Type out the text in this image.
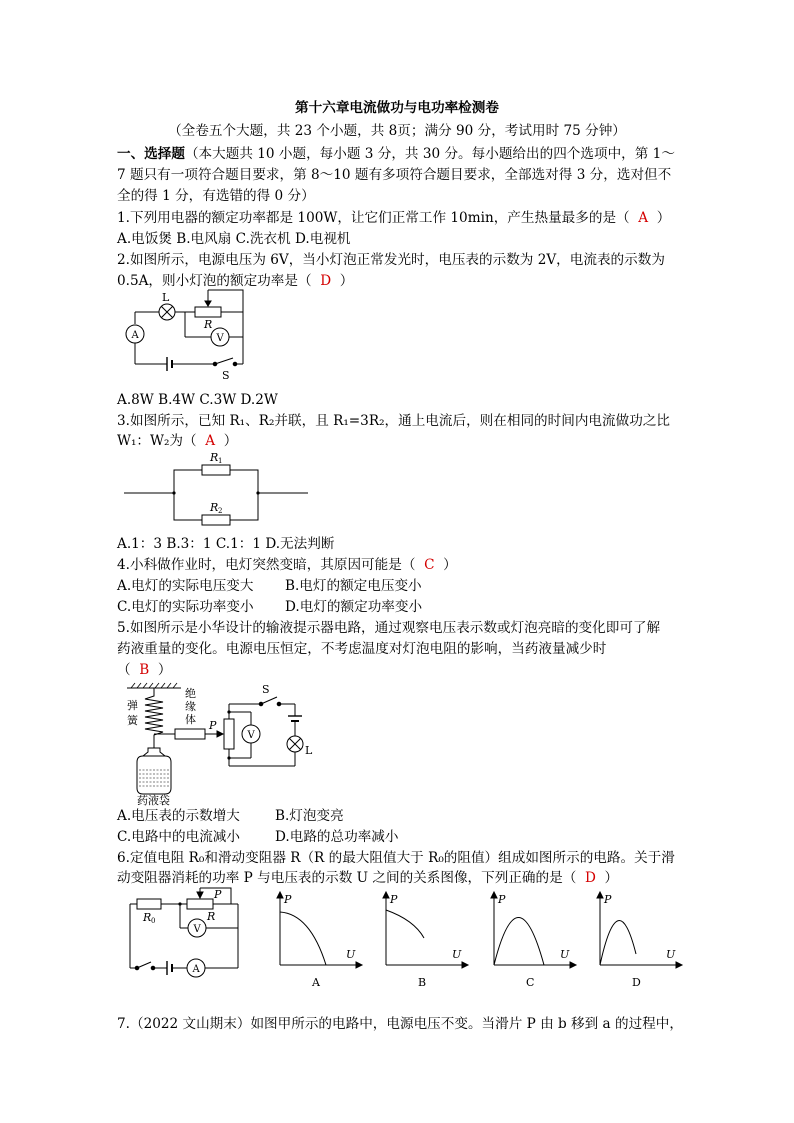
第十六章电流做功与电功率检测卷
（全卷五个大题，共 23 个小题，共 8页；满分 90 分，考试用时 75 分钟）
一、选择题（本大题共 10 小题，每小题 3 分，共 30 分。每小题给出的四个选项中，第 1～
7 题只有一项符合题目要求，第 8～10 题有多项符合题目要求，全部选对得 3 分，选对但不
全的得 1 分，有选错的得 0 分）
1.下列用电器的额定功率都是 100W，让它们正常工作 10min，产生热量最多的是（ A ）
A.电饭煲 B.电风扇 C.洗衣机 D.电视机
2.如图所示，电源电压为 6V，当小灯泡正常发光时，电压表的示数为 2V，电流表的示数为
0.5A，则小灯泡的额定功率是（ D ）
L
R
A	V
S
A.8W B.4W C.3W D.2W
3.如图所示，已知 R₁、R₂并联，且 R₁=3R₂，通上电流后，则在相同的时间内电流做功之比
W₁：W₂为（ A ）
R 1
R 2
A.1：3 B.3：1 C.1：1 D.无法判断
4.小科做作业时，电灯突然变暗，其原因可能是（ C ）
A.电灯的实际电压变大 B.电灯的额定电压变小
C.电灯的实际功率变小 D.电灯的额定功率变小
5.如图所示是小华设计的输液提示器电路，通过观察电压表示数或灯泡亮暗的变化即可了解
药液重量的变化。电源电压恒定，不考虑温度对灯泡电阻的影响，当药液量减少时
（ B ）
弹
簧
绝
缘
体 P
S
V
L
药液袋
A.电压表的示数增大	B.灯泡变亮
C.电路中的电流减小	D.电路的总功率减小
6.定值电阻 R₀和滑动变阻器 R（R 的最大阻值大于 R₀的阻值）组成如图所示的电路。关于滑
动变阻器消耗的功率 P 与电压表的示数 U 之间的关系图像，下列正确的是（ D ）
R 0
P
R
V
A
P
U
A
P
U
B
P
U
C
P
U
D
7.（2022 文山期末）如图甲所示的电路中，电源电压不变。当滑片 P 由 b 移到 a 的过程中，
